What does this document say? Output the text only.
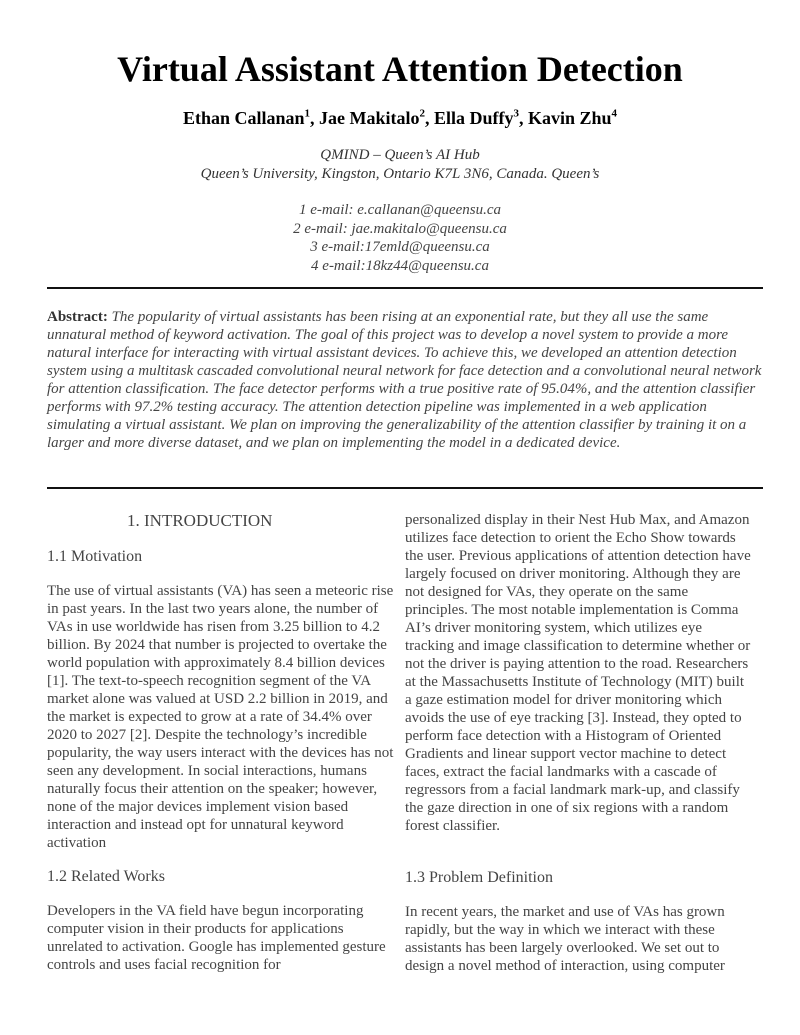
Virtual Assistant Attention Detection
Ethan Callanan$^1$, Jae Makitalo$^2$, Ella Duffy$^3$, Kavin Zhu$^4$
QMIND – Queen’s AI Hub
Queen’s University, Kingston, Ontario K7L 3N6, Canada. Queen’s
1 e-mail: e.callanan@queensu.ca
2 e-mail: jae.makitalo@queensu.ca
3 e-mail:17emld@queensu.ca
4 e-mail:18kz44@queensu.ca
Abstract: The popularity of virtual assistants has been rising at an exponential rate, but they all use the same unnatural method of keyword activation. The goal of this project was to develop a novel system to provide a more natural interface for interacting with virtual assistant devices. To achieve this, we developed an attention detection system using a multitask cascaded convolutional neural network for face detection and a convolutional neural network for attention classification. The face detector performs with a true positive rate of 95.04%, and the attention classifier performs with 97.2% testing accuracy. The attention detection pipeline was implemented in a web application simulating a virtual assistant. We plan on improving the generalizability of the attention classifier by training it on a larger and more diverse dataset, and we plan on implementing the model in a dedicated device.
1. INTRODUCTION
1.1 Motivation

The use of virtual assistants (VA) has seen a meteoric rise in past years. In the last two years alone, the number of VAs in use worldwide has risen from 3.25 billion to 4.2 billion. By 2024 that number is projected to overtake the world population with approximately 8.4 billion devices [1]. The text-to-speech recognition segment of the VA market alone was valued at USD 2.2 billion in 2019, and the market is expected to grow at a rate of 34.4% over 2020 to 2027 [2]. Despite the technology’s incredible popularity, the way users interact with the devices has not seen any development. In social interactions, humans naturally focus their attention on the speaker; however, none of the major devices implement vision based interaction and instead opt for unnatural keyword activation

1.2 Related Works

Developers in the VA field have begun incorporating computer vision in their products for applications unrelated to activation. Google has implemented gesture controls and uses facial recognition for

personalized display in their Nest Hub Max, and Amazon utilizes face detection to orient the Echo Show towards the user. Previous applications of attention detection have largely focused on driver monitoring. Although they are not designed for VAs, they operate on the same principles. The most notable implementation is Comma AI’s driver monitoring system, which utilizes eye tracking and image classification to determine whether or not the driver is paying attention to the road. Researchers at the Massachusetts Institute of Technology (MIT) built a gaze estimation model for driver monitoring which avoids the use of eye tracking [3]. Instead, they opted to perform face detection with a Histogram of Oriented Gradients and linear support vector machine to detect faces, extract the facial landmarks with a cascade of regressors from a facial landmark mark-up, and classify the gaze direction in one of six regions with a random forest classifier.

1.3 Problem Definition

In recent years, the market and use of VAs has grown rapidly, but the way in which we interact with these assistants has been largely overlooked. We set out to design a novel method of interaction, using computer
